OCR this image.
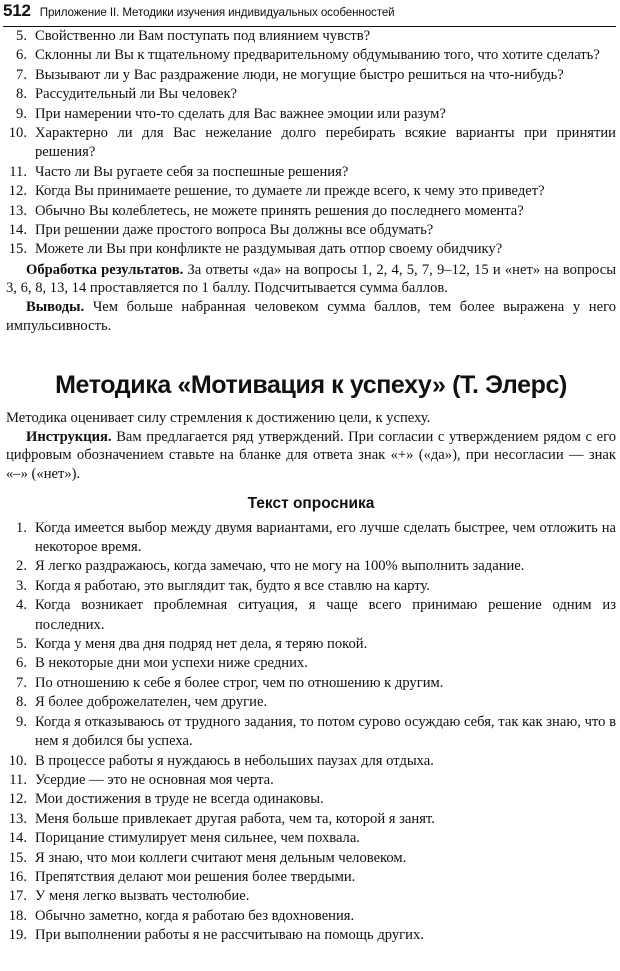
512 Приложение II. Методики изучения индивидуальных особенностей
5. Свойственно ли Вам поступать под влиянием чувств?
6. Склонны ли Вы к тщательному предварительному обдумыванию того, что хотите сделать?
7. Вызывают ли у Вас раздражение люди, не могущие быстро решиться на что-нибудь?
8. Рассудительный ли Вы человек?
9. При намерении что-то сделать для Вас важнее эмоции или разум?
10. Характерно ли для Вас нежелание долго перебирать всякие варианты при принятии решения?
11. Часто ли Вы ругаете себя за поспешные решения?
12. Когда Вы принимаете решение, то думаете ли прежде всего, к чему это приведет?
13. Обычно Вы колеблетесь, не можете принять решения до последнего момента?
14. При решении даже простого вопроса Вы должны все обдумать?
15. Можете ли Вы при конфликте не раздумывая дать отпор своему обидчику?

Обработка результатов. За ответы «да» на вопросы 1, 2, 4, 5, 7, 9–12, 15 и «нет» на вопросы 3, 6, 8, 13, 14 проставляется по 1 баллу. Подсчитывается сумма баллов.

Выводы. Чем больше набранная человеком сумма баллов, тем более выражена у него импульсивность.

Методика «Мотивация к успеху» (Т. Элерс)

Методика оценивает силу стремления к достижению цели, к успеху.

Инструкция. Вам предлагается ряд утверждений. При согласии с утверждением рядом с его цифровым обозначением ставьте на бланке для ответа знак «+» («да»), при несогласии — знак «–» («нет»).

Текст опросника
1. Когда имеется выбор между двумя вариантами, его лучше сделать быстрее, чем отложить на некоторое время.
2. Я легко раздражаюсь, когда замечаю, что не могу на 100% выполнить задание.
3. Когда я работаю, это выглядит так, будто я все ставлю на карту.
4. Когда возникает проблемная ситуация, я чаще всего принимаю решение одним из последних.
5. Когда у меня два дня подряд нет дела, я теряю покой.
6. В некоторые дни мои успехи ниже средних.
7. По отношению к себе я более строг, чем по отношению к другим.
8. Я более доброжелателен, чем другие.
9. Когда я отказываюсь от трудного задания, то потом сурово осуждаю себя, так как знаю, что в нем я добился бы успеха.
10. В процессе работы я нуждаюсь в небольших паузах для отдыха.
11. Усердие — это не основная моя черта.
12. Мои достижения в труде не всегда одинаковы.
13. Меня больше привлекает другая работа, чем та, которой я занят.
14. Порицание стимулирует меня сильнее, чем похвала.
15. Я знаю, что мои коллеги считают меня дельным человеком.
16. Препятствия делают мои решения более твердыми.
17. У меня легко вызвать честолюбие.
18. Обычно заметно, когда я работаю без вдохновения.
19. При выполнении работы я не рассчитываю на помощь других.
